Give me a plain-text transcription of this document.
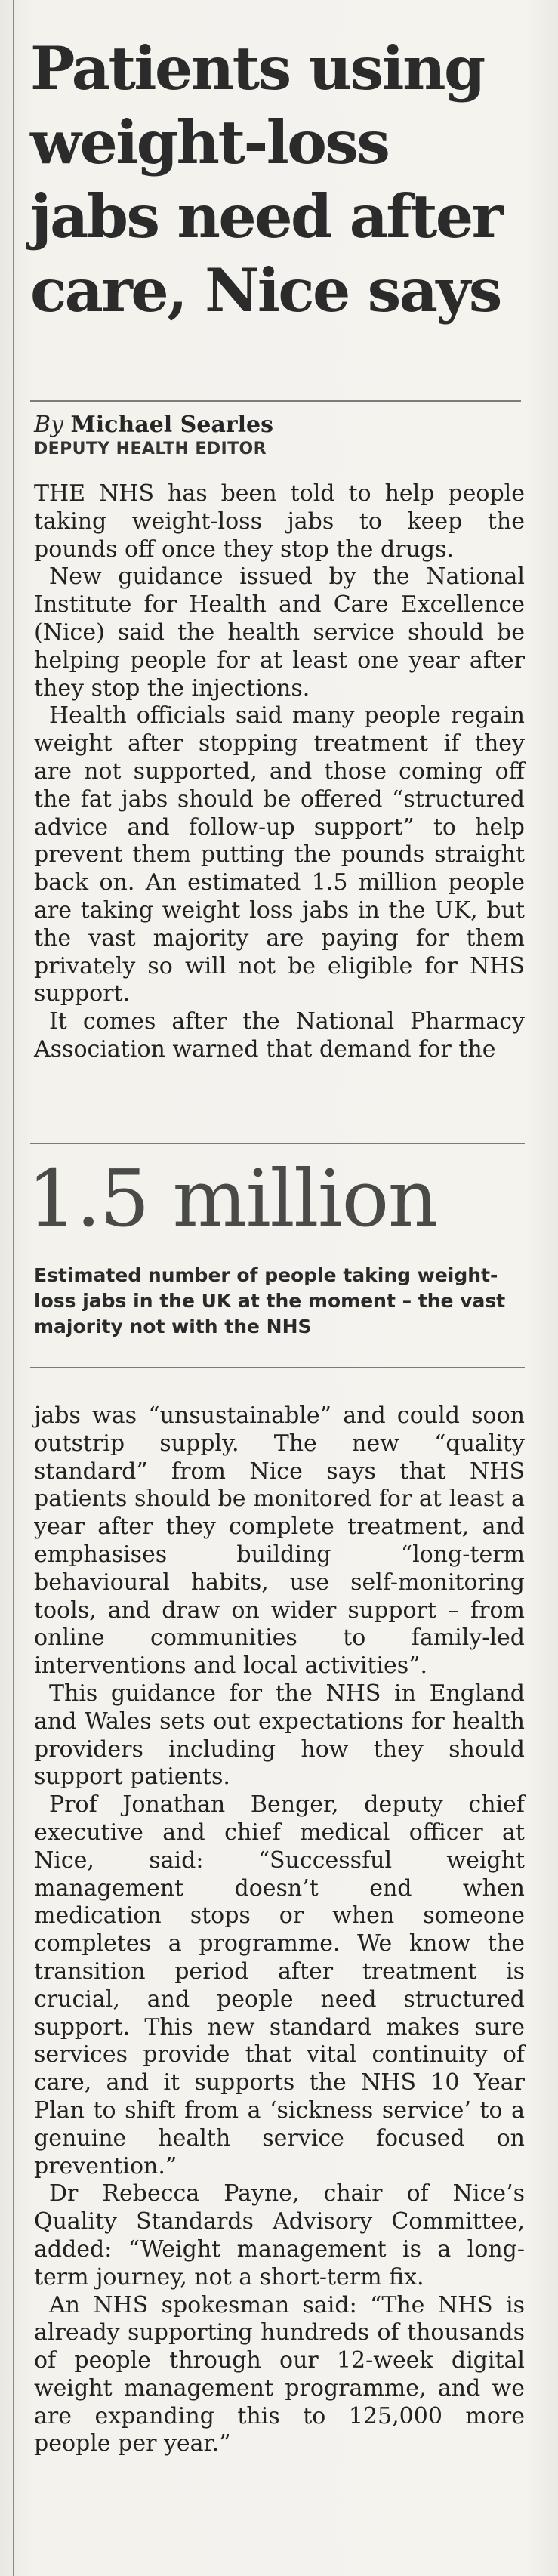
Patients using
weight-loss
jabs need after
care, Nice says
By Michael Searles
DEPUTY HEALTH EDITOR

THE NHS has been told to help people taking weight-loss jabs to keep the pounds off once they stop the drugs.

New guidance issued by the National Institute for Health and Care Excellence (Nice) said the health service should be helping people for at least one year after they stop the injections.

Health officials said many people regain weight after stopping treatment if they are not supported, and those coming off the fat jabs should be offered “structured advice and follow-up support” to help prevent them putting the pounds straight back on. An estimated 1.5 million people are taking weight loss jabs in the UK, but the vast majority are paying for them privately so will not be eligible for NHS support.

It comes after the National Pharmacy Association warned that demand for the

1.5 million
Estimated number of people taking weight-loss jabs in the UK at the moment – the vast majority not with the NHS

jabs was “unsustainable” and could soon outstrip supply. The new “quality standard” from Nice says that NHS patients should be monitored for at least a year after they complete treatment, and emphasises building “long-term behavioural habits, use self-monitoring tools, and draw on wider support – from online communities to family-led interventions and local activities”.

This guidance for the NHS in England and Wales sets out expectations for health providers including how they should support patients.

Prof Jonathan Benger, deputy chief executive and chief medical officer at Nice, said: “Successful weight management doesn’t end when medication stops or when someone completes a programme. We know the transition period after treatment is crucial, and people need structured support. This new standard makes sure services provide that vital continuity of care, and it supports the NHS 10 Year Plan to shift from a ‘sickness service’ to a genuine health service focused on prevention.”

Dr Rebecca Payne, chair of Nice’s Quality Standards Advisory Committee, added: “Weight management is a long-term journey, not a short-term fix.

An NHS spokesman said: “The NHS is already supporting hundreds of thousands of people through our 12-week digital weight management programme, and we are expanding this to 125,000 more people per year.”
